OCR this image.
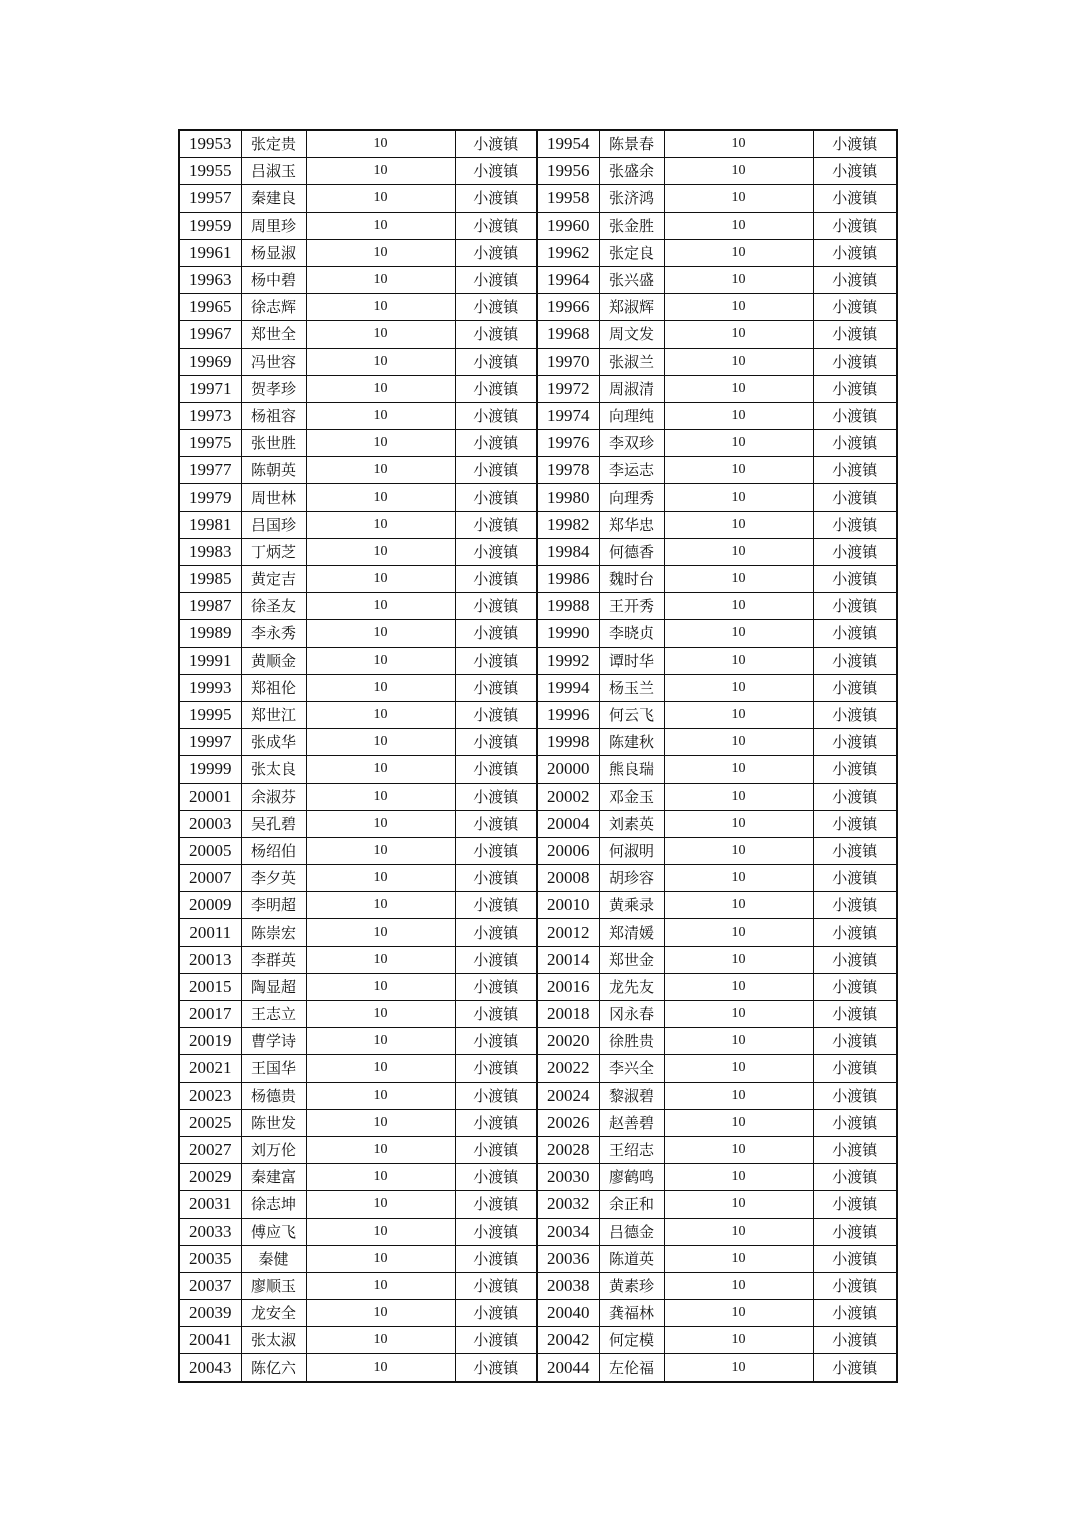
19953	张定贵	10	小渡镇	19954	陈景春	10	小渡镇
19955	吕淑玉	10	小渡镇	19956	张盛余	10	小渡镇
19957	秦建良	10	小渡镇	19958	张济鸿	10	小渡镇
19959	周里珍	10	小渡镇	19960	张金胜	10	小渡镇
19961	杨显淑	10	小渡镇	19962	张定良	10	小渡镇
19963	杨中碧	10	小渡镇	19964	张兴盛	10	小渡镇
19965	徐志辉	10	小渡镇	19966	郑淑辉	10	小渡镇
19967	郑世全	10	小渡镇	19968	周文发	10	小渡镇
19969	冯世容	10	小渡镇	19970	张淑兰	10	小渡镇
19971	贺孝珍	10	小渡镇	19972	周淑清	10	小渡镇
19973	杨祖容	10	小渡镇	19974	向理纯	10	小渡镇
19975	张世胜	10	小渡镇	19976	李双珍	10	小渡镇
19977	陈朝英	10	小渡镇	19978	李运志	10	小渡镇
19979	周世林	10	小渡镇	19980	向理秀	10	小渡镇
19981	吕国珍	10	小渡镇	19982	郑华忠	10	小渡镇
19983	丁炳芝	10	小渡镇	19984	何德香	10	小渡镇
19985	黄定吉	10	小渡镇	19986	魏时台	10	小渡镇
19987	徐圣友	10	小渡镇	19988	王开秀	10	小渡镇
19989	李永秀	10	小渡镇	19990	李晓贞	10	小渡镇
19991	黄顺金	10	小渡镇	19992	谭时华	10	小渡镇
19993	郑祖伦	10	小渡镇	19994	杨玉兰	10	小渡镇
19995	郑世江	10	小渡镇	19996	何云飞	10	小渡镇
19997	张成华	10	小渡镇	19998	陈建秋	10	小渡镇
19999	张太良	10	小渡镇	20000	熊良瑞	10	小渡镇
20001	余淑芬	10	小渡镇	20002	邓金玉	10	小渡镇
20003	吴孔碧	10	小渡镇	20004	刘素英	10	小渡镇
20005	杨绍伯	10	小渡镇	20006	何淑明	10	小渡镇
20007	李夕英	10	小渡镇	20008	胡珍容	10	小渡镇
20009	李明超	10	小渡镇	20010	黄乘录	10	小渡镇
20011	陈崇宏	10	小渡镇	20012	郑清媛	10	小渡镇
20013	李群英	10	小渡镇	20014	郑世金	10	小渡镇
20015	陶显超	10	小渡镇	20016	龙先友	10	小渡镇
20017	王志立	10	小渡镇	20018	冈永春	10	小渡镇
20019	曹学诗	10	小渡镇	20020	徐胜贵	10	小渡镇
20021	王国华	10	小渡镇	20022	李兴全	10	小渡镇
20023	杨德贵	10	小渡镇	20024	黎淑碧	10	小渡镇
20025	陈世发	10	小渡镇	20026	赵善碧	10	小渡镇
20027	刘万伦	10	小渡镇	20028	王绍志	10	小渡镇
20029	秦建富	10	小渡镇	20030	廖鹤鸣	10	小渡镇
20031	徐志坤	10	小渡镇	20032	余正和	10	小渡镇
20033	傅应飞	10	小渡镇	20034	吕德金	10	小渡镇
20035	秦健	10	小渡镇	20036	陈道英	10	小渡镇
20037	廖顺玉	10	小渡镇	20038	黄素珍	10	小渡镇
20039	龙安全	10	小渡镇	20040	龚福林	10	小渡镇
20041	张太淑	10	小渡镇	20042	何定模	10	小渡镇
20043	陈亿六	10	小渡镇	20044	左伦福	10	小渡镇
